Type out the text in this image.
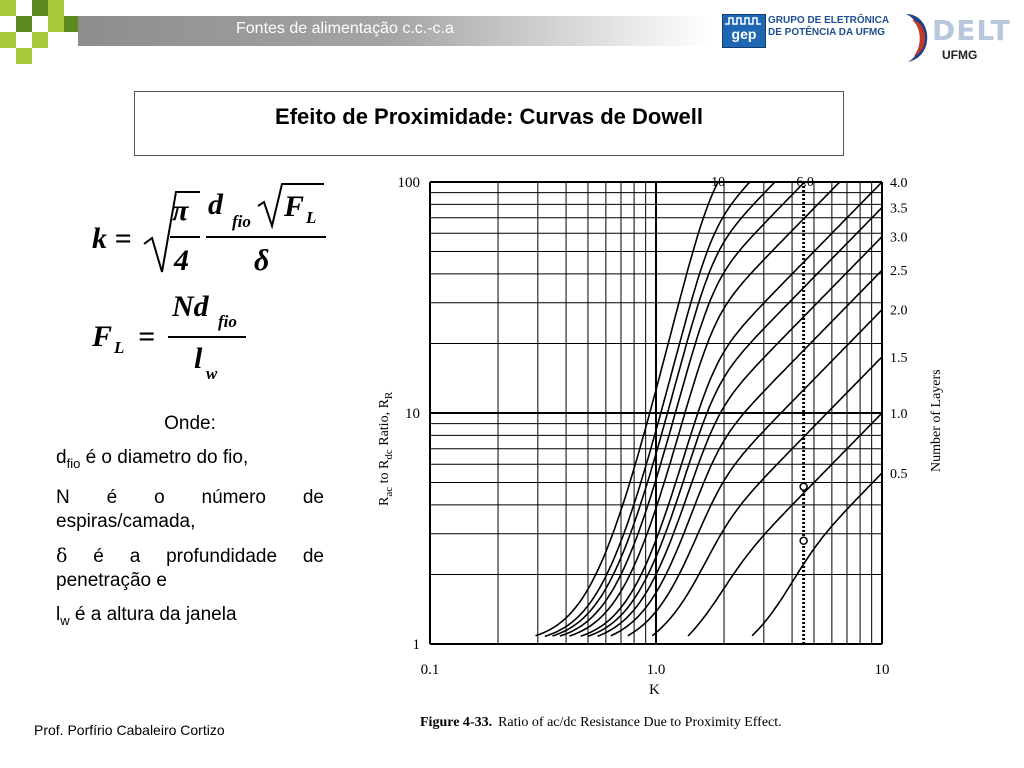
Fontes de alimentação c.c.-c.a	gep
GRUPO DE ELETRÔNICA
DE POTÊNCIA DA UFMG DELT
UFMG
Efeito de Proximidade: Curvas de Dowell
k =
π
4
d
fio F L
δ
F L =
Nd fio
l w

Onde:

$d_{fio}$ é o diametro do fio,

N é o número de espiras/camada,

δ é a profundidade de penetração e

$l_w$ é a altura da janela

0.1	1.0	10
1
10
100	10	6.0	4.0
3.5
3.0
2.5
2.0
1.5
1.0
0.5
K
$R_{ac}$ to $R_{dc}$ Ratio, $R_R$	Number of Layers
Figure 4-33. Ratio of ac/dc Resistance Due to Proximity Effect.
Prof. Porfírio Cabaleiro Cortizo
